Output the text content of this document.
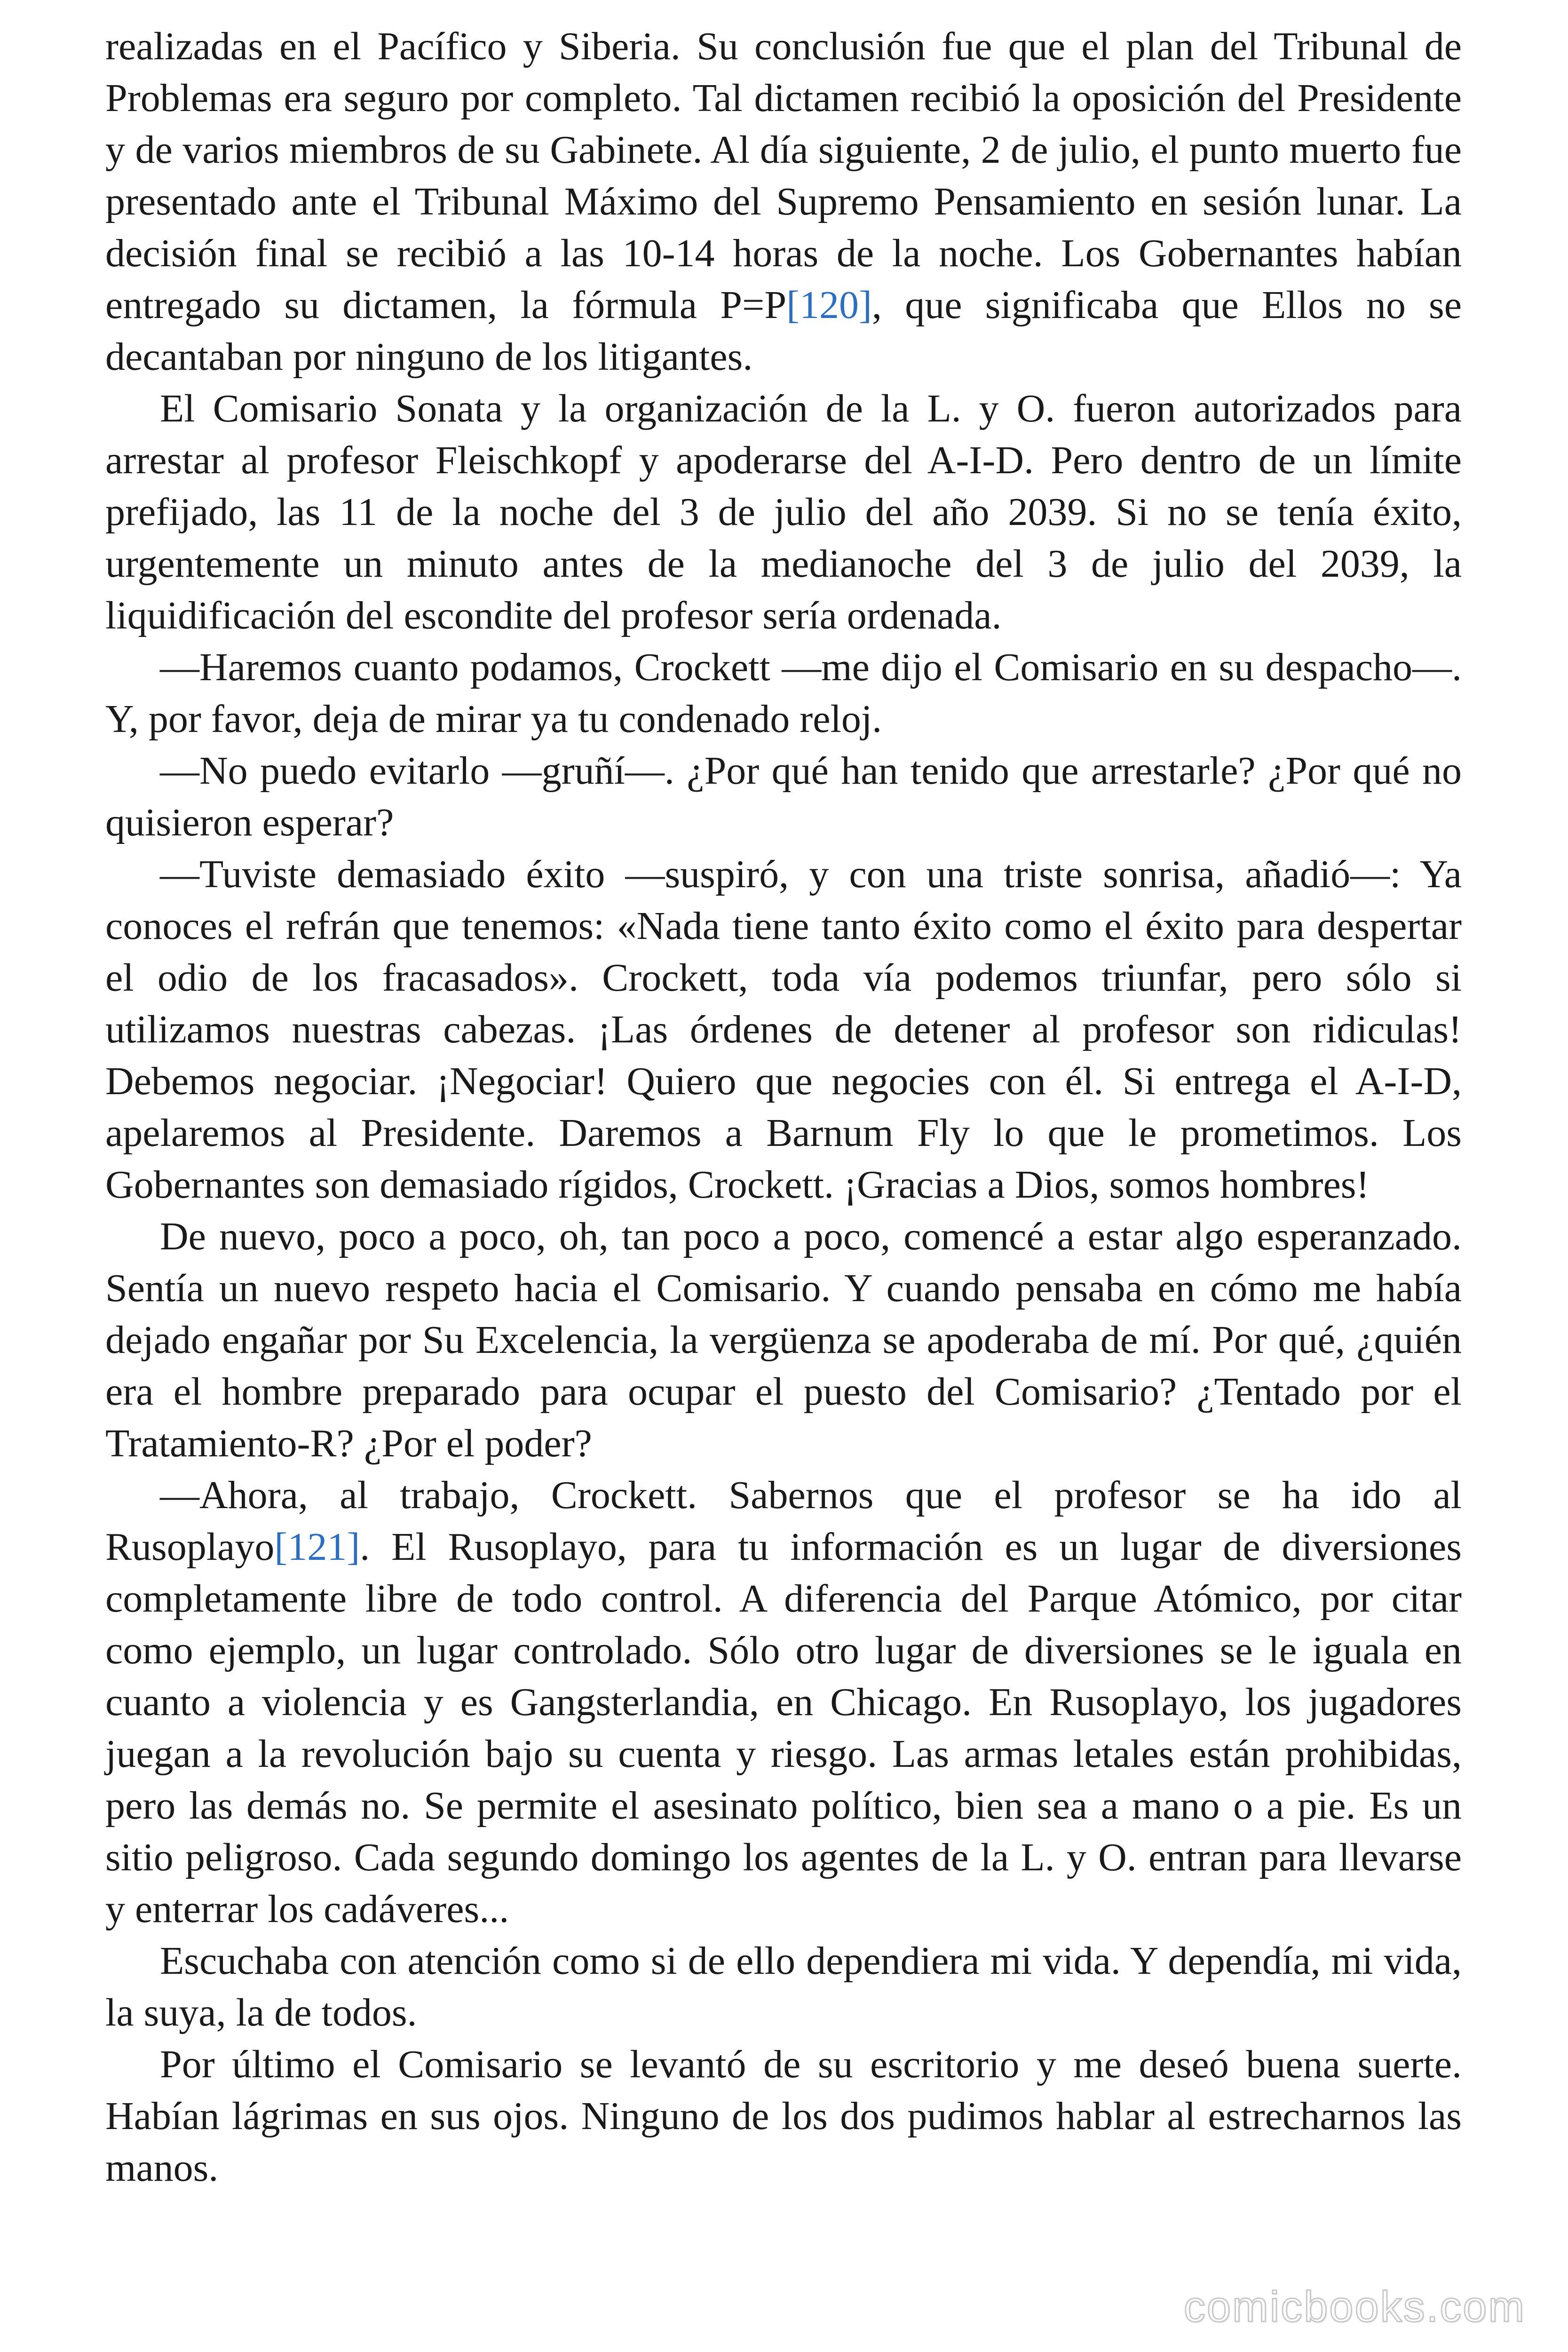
realizadas en el Pacífico y Siberia. Su conclusión fue que el plan del Tribunal de Problemas era seguro por completo. Tal dictamen recibió la oposición del Presidente y de varios miembros de su Gabinete. Al día siguiente, 2 de julio, el punto muerto fue presentado ante el Tribunal Máximo del Supremo Pensamiento en sesión lunar. La decisión final se recibió a las 10-14 horas de la noche. Los Gobernantes habían entregado su dictamen, la fórmula P=P[120], que significaba que Ellos no se decantaban por ninguno de los litigantes.

El Comisario Sonata y la organización de la L. y O. fueron autorizados para arrestar al profesor Fleischkopf y apoderarse del A-I-D. Pero dentro de un límite prefijado, las 11 de la noche del 3 de julio del año 2039. Si no se tenía éxito, urgentemente un minuto antes de la medianoche del 3 de julio del 2039, la liquidificación del escondite del profesor sería ordenada.

—Haremos cuanto podamos, Crockett —me dijo el Comisario en su despacho—. Y, por favor, deja de mirar ya tu condenado reloj.

—No puedo evitarlo —gruñí—. ¿Por qué han tenido que arrestarle? ¿Por qué no quisieron esperar?

—Tuviste demasiado éxito —suspiró, y con una triste sonrisa, añadió—: Ya conoces el refrán que tenemos: «Nada tiene tanto éxito como el éxito para despertar el odio de los fracasados». Crockett, toda vía podemos triunfar, pero sólo si utilizamos nuestras cabezas. ¡Las órdenes de detener al profesor son ridiculas! Debemos negociar. ¡Negociar! Quiero que negocies con él. Si entrega el A-I-D, apelaremos al Presidente. Daremos a Barnum Fly lo que le prometimos. Los Gobernantes son demasiado rígidos, Crockett. ¡Gracias a Dios, somos hombres!

De nuevo, poco a poco, oh, tan poco a poco, comencé a estar algo esperanzado. Sentía un nuevo respeto hacia el Comisario. Y cuando pensaba en cómo me había dejado engañar por Su Excelencia, la vergüenza se apoderaba de mí. Por qué, ¿quién era el hombre preparado para ocupar el puesto del Comisario? ¿Tentado por el Tratamiento-R? ¿Por el poder?

—Ahora, al trabajo, Crockett. Sabernos que el profesor se ha ido al Rusoplayo[121]. El Rusoplayo, para tu información es un lugar de diversiones completamente libre de todo control. A diferencia del Parque Atómico, por citar como ejemplo, un lugar controlado. Sólo otro lugar de diversiones se le iguala en cuanto a violencia y es Gangsterlandia, en Chicago. En Rusoplayo, los jugadores juegan a la revolución bajo su cuenta y riesgo. Las armas letales están prohibidas, pero las demás no. Se permite el asesinato político, bien sea a mano o a pie. Es un sitio peligroso. Cada segundo domingo los agentes de la L. y O. entran para llevarse y enterrar los cadáveres...

Escuchaba con atención como si de ello dependiera mi vida. Y dependía, mi vida, la suya, la de todos.

Por último el Comisario se levantó de su escritorio y me deseó buena suerte. Habían lágrimas en sus ojos. Ninguno de los dos pudimos hablar al estrecharnos las manos.

comicbooks.com
